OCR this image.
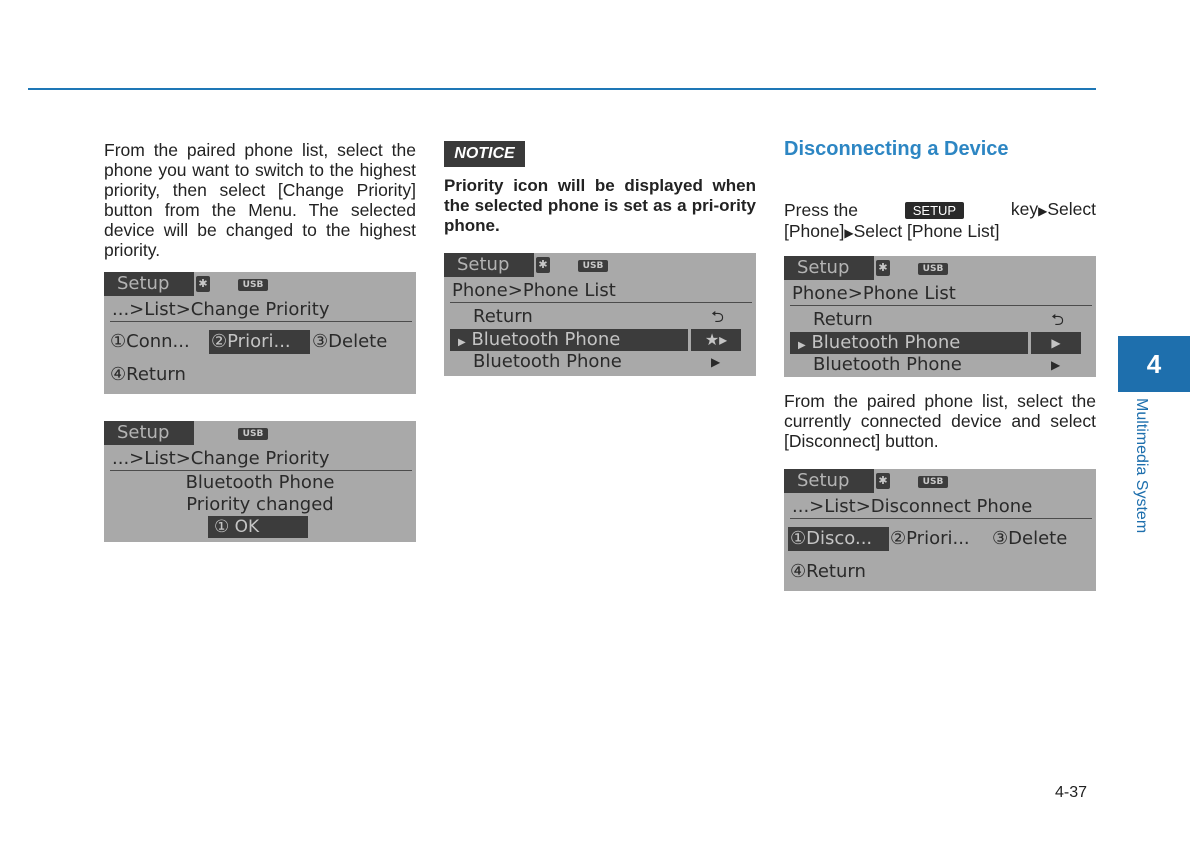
From the paired phone list, select the phone you want to switch to the highest priority, then select [Change Priority] button from the Menu. The selected device will be changed to the highest priority.
Setup	✱	USB
...>List>Change Priority
①Conn... ②Priori...	③Delete
④Return
Setup	USB
...>List>Change Priority
Bluetooth Phone
Priority changed
① OK
NOTICE
Priority icon will be displayed when the selected phone is set as a pri-ority phone.
Setup	✱	USB
Phone>Phone List
Return	⮌
▶ Bluetooth Phone	★▸
Bluetooth Phone	▶
Disconnecting a Device
Press the	SETUP	key▶Select
[Phone]▶Select [Phone List]
Setup	✱	USB
Phone>Phone List
Return	⮌
▶ Bluetooth Phone	▶
Bluetooth Phone	▶
From the paired phone list, select the currently connected device and select [Disconnect] button.
Setup	✱	USB
...>List>Disconnect Phone
①Disco... ②Priori... ③Delete
④Return
4
Multimedia System
4-37
